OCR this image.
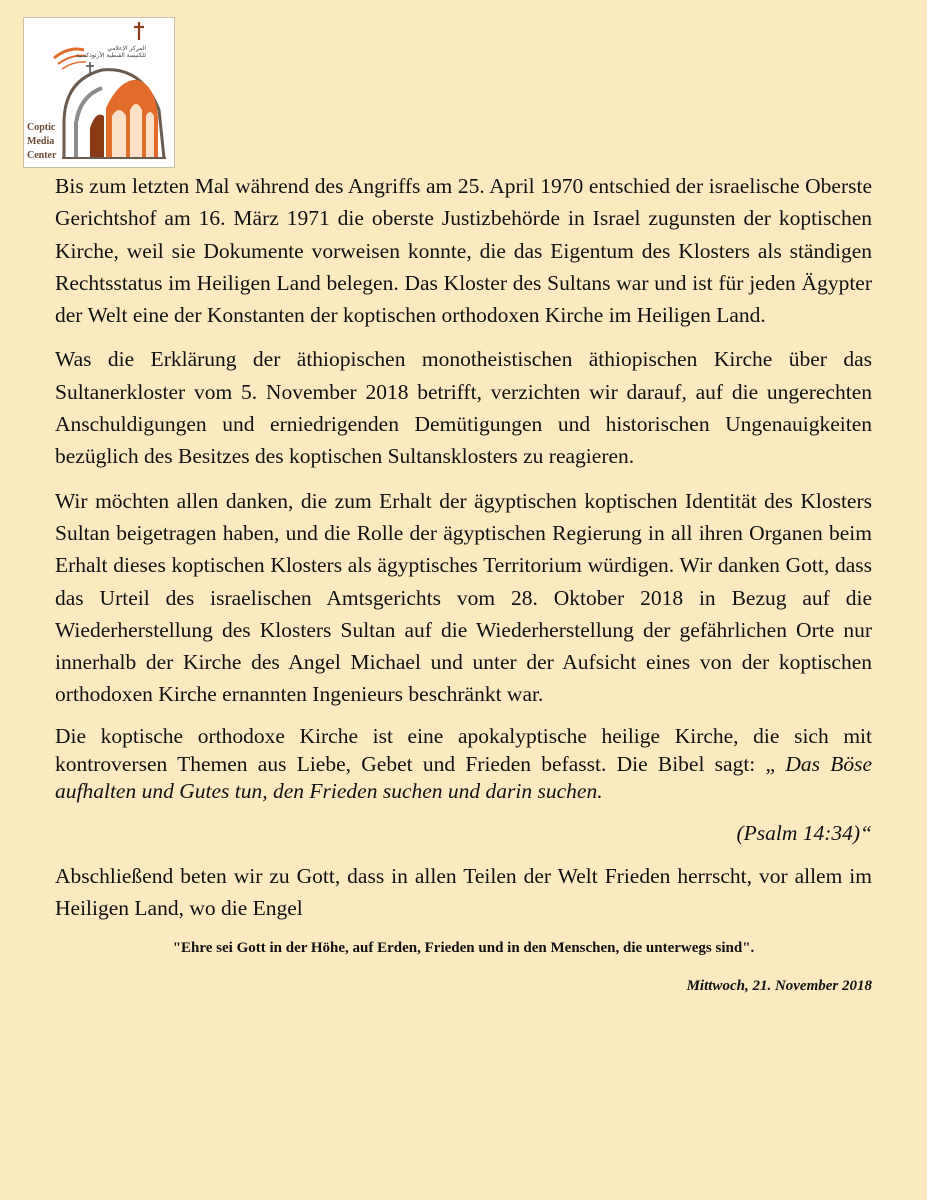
المركز الإعلامي
للكنيسة القبطية الأرثوذكسية
Coptic
Media
Center

Bis zum letzten Mal während des Angriffs am 25. April 1970 entschied der israelische Oberste Gerichtshof am 16. März 1971 die oberste Justizbehörde in Israel zugunsten der koptischen Kirche, weil sie Dokumente vorweisen konnte, die das Eigentum des Klosters als ständigen Rechtsstatus im Heiligen Land belegen. Das Kloster des Sultans war und ist für jeden Ägypter der Welt eine der Konstanten der koptischen orthodoxen Kirche im Heiligen Land.

Was die Erklärung der äthiopischen monotheistischen äthiopischen Kirche über das Sultanerkloster vom 5. November 2018 betrifft, verzichten wir darauf, auf die ungerechten Anschuldigungen und erniedrigenden Demütigungen und historischen Ungenauigkeiten bezüglich des Besitzes des koptischen Sultansklosters zu reagieren.

Wir möchten allen danken, die zum Erhalt der ägyptischen koptischen Identität des Klosters Sultan beigetragen haben, und die Rolle der ägyptischen Regierung in all ihren Organen beim Erhalt dieses koptischen Klosters als ägyptisches Territorium würdigen. Wir danken Gott, dass das Urteil des israelischen Amtsgerichts vom 28. Oktober 2018 in Bezug auf die Wiederherstellung des Klosters Sultan auf die Wiederherstellung der gefährlichen Orte nur innerhalb der Kirche des Angel Michael und unter der Aufsicht eines von der koptischen orthodoxen Kirche ernannten Ingenieurs beschränkt war.

Die koptische orthodoxe Kirche ist eine apokalyptische heilige Kirche, die sich mit kontroversen Themen aus Liebe, Gebet und Frieden befasst. Die Bibel sagt: „ Das Böse aufhalten und Gutes tun, den Frieden suchen und darin suchen.

(Psalm 14:34)“

Abschließend beten wir zu Gott, dass in allen Teilen der Welt Frieden herrscht, vor allem im Heiligen Land, wo die Engel

"Ehre sei Gott in der Höhe, auf Erden, Frieden und in den Menschen, die unterwegs sind".

Mittwoch, 21. November 2018
